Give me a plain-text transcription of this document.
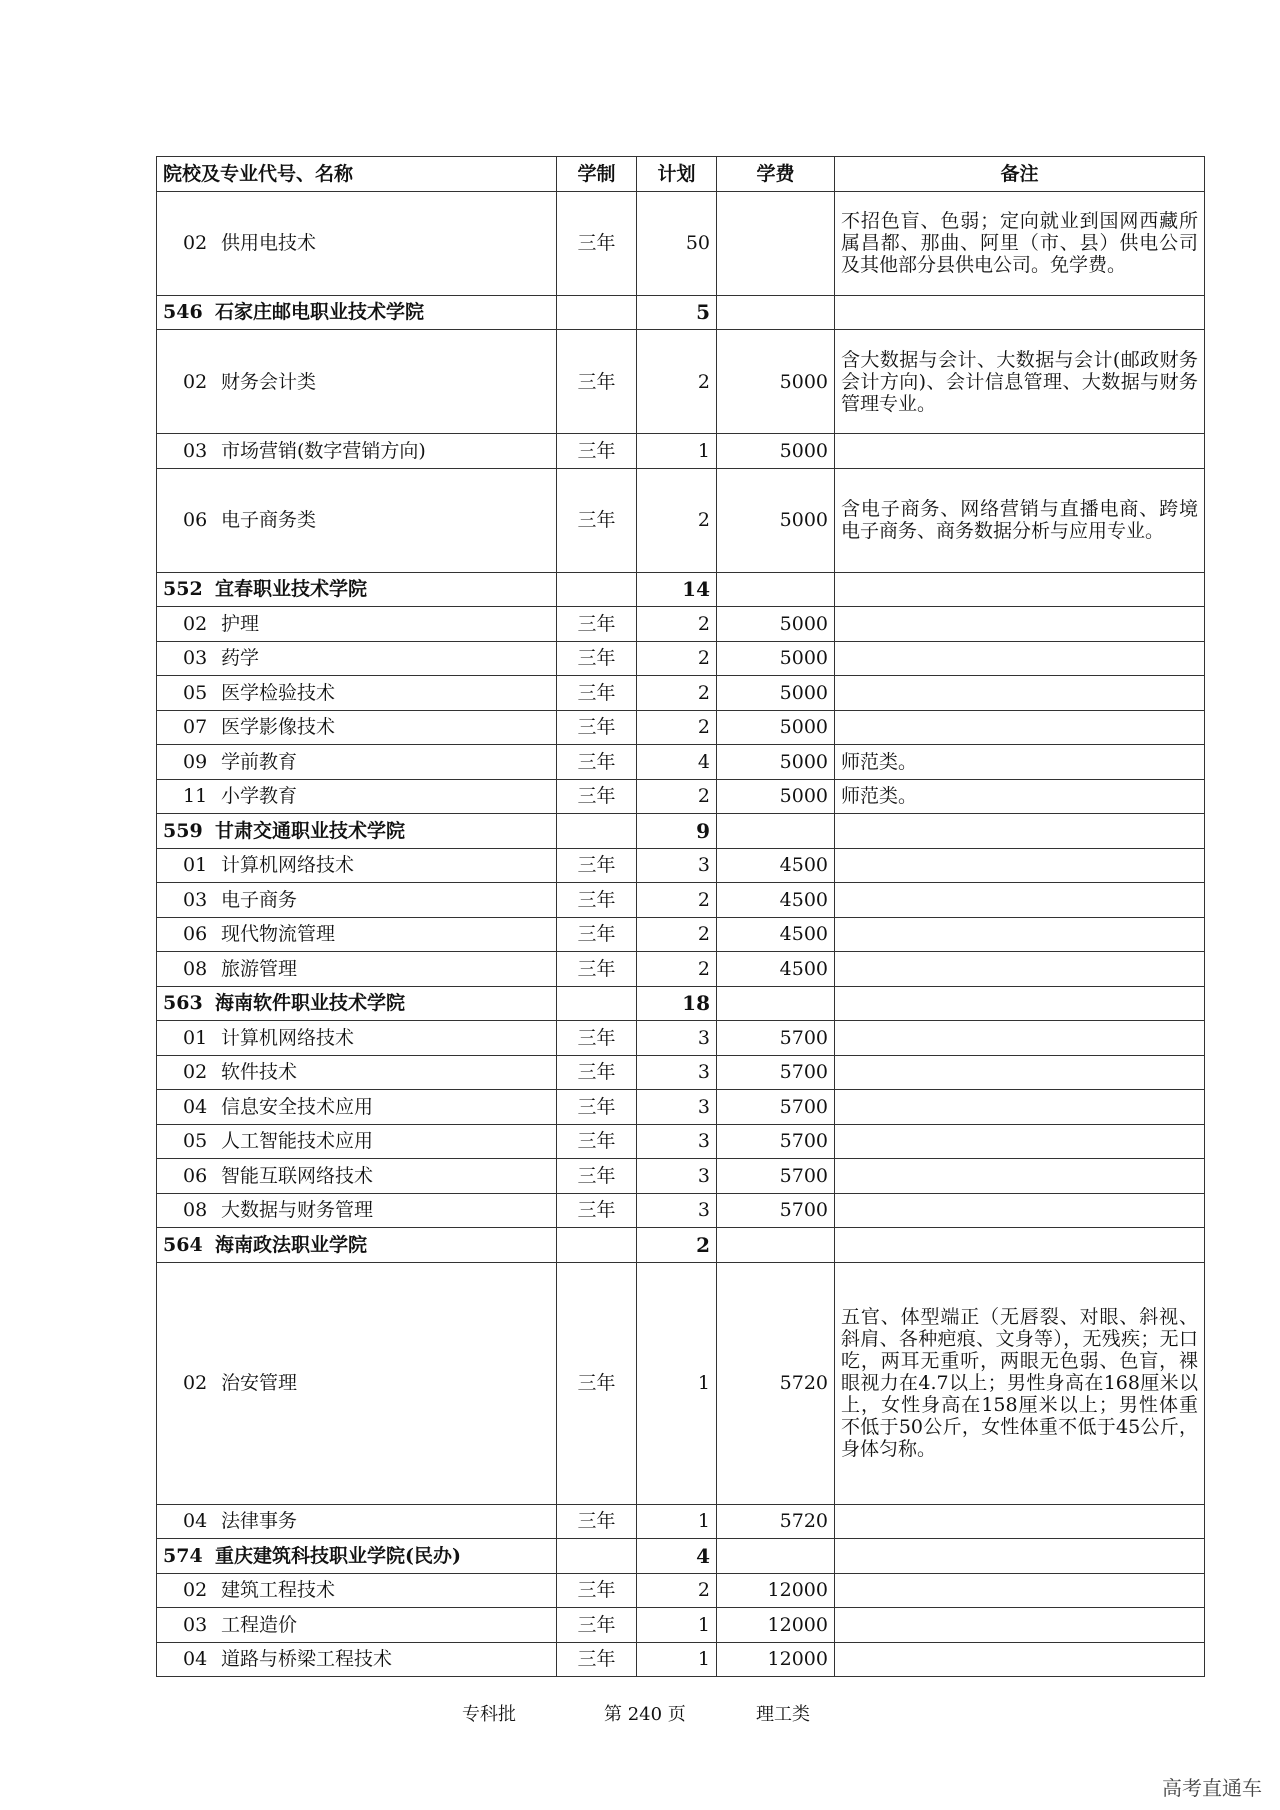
院校及专业代号、名称	学制	计划	学费	备注
02 供用电技术	三年	50		不招色盲、色弱；定向就业到国网西藏所属昌都、那曲、阿里（市、县）供电公司及其他部分县供电公司。免学费。
546 石家庄邮电职业技术学院		5		
02 财务会计类	三年	2	5000	含大数据与会计、大数据与会计(邮政财务会计方向)、会计信息管理、大数据与财务管理专业。
03 市场营销(数字营销方向)	三年	1	5000	
06 电子商务类	三年	2	5000	含电子商务、网络营销与直播电商、跨境电子商务、商务数据分析与应用专业。
552 宜春职业技术学院		14		
02 护理	三年	2	5000	
03 药学	三年	2	5000	
05 医学检验技术	三年	2	5000	
07 医学影像技术	三年	2	5000	
09 学前教育	三年	4	5000	师范类。
11 小学教育	三年	2	5000	师范类。
559 甘肃交通职业技术学院		9		
01 计算机网络技术	三年	3	4500	
03 电子商务	三年	2	4500	
06 现代物流管理	三年	2	4500	
08 旅游管理	三年	2	4500	
563 海南软件职业技术学院		18		
01 计算机网络技术	三年	3	5700	
02 软件技术	三年	3	5700	
04 信息安全技术应用	三年	3	5700	
05 人工智能技术应用	三年	3	5700	
06 智能互联网络技术	三年	3	5700	
08 大数据与财务管理	三年	3	5700	
564 海南政法职业学院		2		
02 治安管理	三年	1	5720	五官、体型端正（无唇裂、对眼、斜视、斜肩、各种疤痕、文身等），无残疾；无口吃，两耳无重听，两眼无色弱、色盲，裸眼视力在4.7以上；男性身高在168厘米以上，女性身高在158厘米以上；男性体重不低于50公斤，女性体重不低于45公斤，身体匀称。
04 法律事务	三年	1	5720	
574 重庆建筑科技职业学院(民办)		4		
02 建筑工程技术	三年	2	12000	
03 工程造价	三年	1	12000	
04 道路与桥梁工程技术	三年	1	12000	
专科批	第 240 页	理工类
高考直通车
